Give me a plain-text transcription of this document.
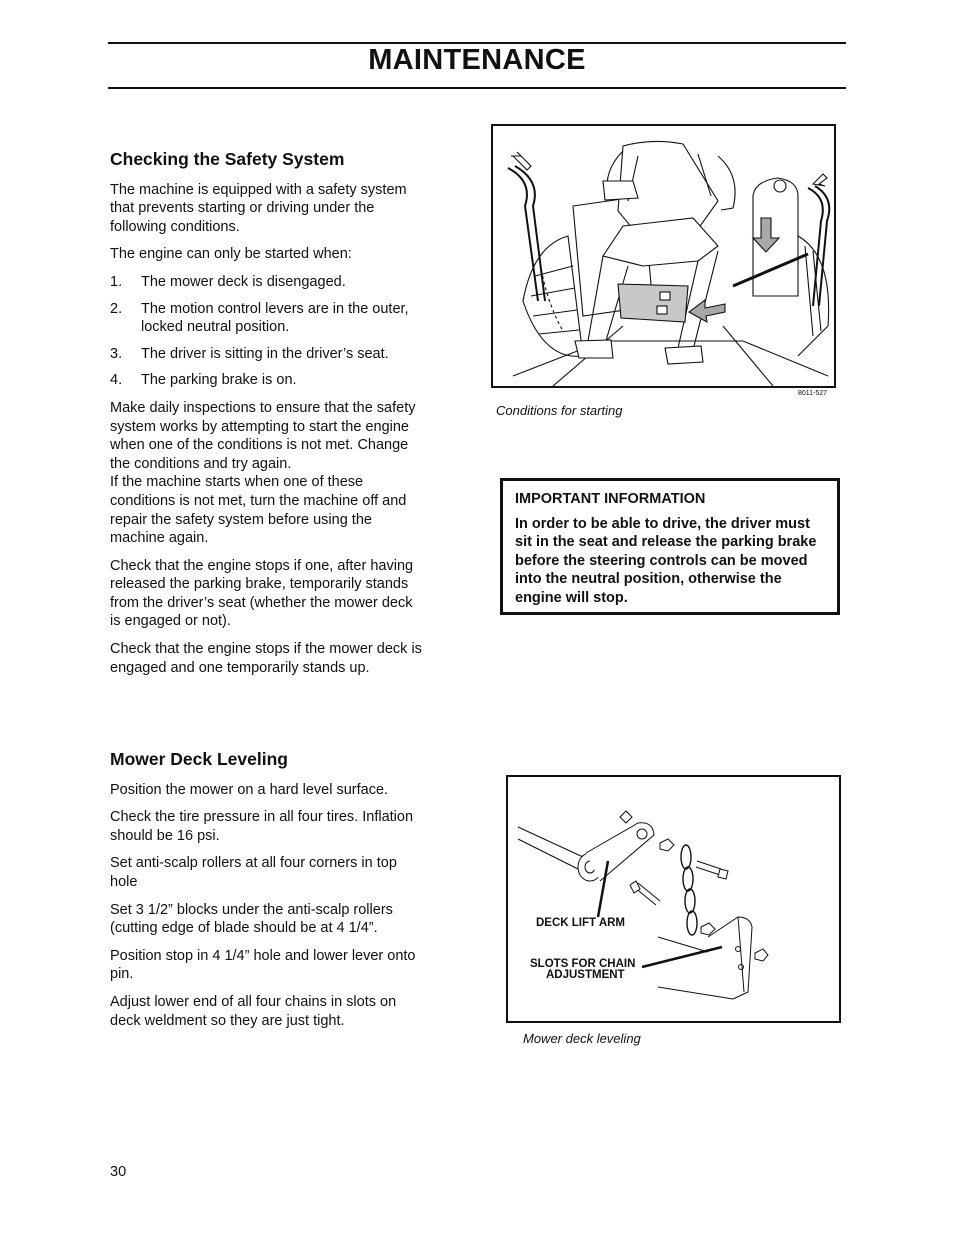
MAINTENANCE
Checking the Safety System

The machine is equipped with a safety system that prevents starting or driving under the following conditions.

The engine can only be started when:

1. The mower deck is disengaged.
2. The motion control levers are in the outer, locked neutral position.
3. The driver is sitting in the driver’s seat.
4. The parking brake is on.

Make daily inspections to ensure that the safety system works by attempting to start the engine when one of the conditions is not met. Change the conditions and try again.

If the machine starts when one of these conditions is not met, turn the machine off and repair the safety system before using the machine again.

Check that the engine stops if one, after having released the parking brake, temporarily stands from the driver’s seat (whether the mower deck is engaged or not).

Check that the engine stops if the mower deck is engaged and one temporarily stands up.

Mower Deck Leveling

Position the mower on a hard level surface.

Check the tire pressure in all four tires. Inflation should be 16 psi.

Set anti-scalp rollers at all four corners in top hole

Set 3 1/2” blocks under the anti-scalp rollers (cutting edge of blade should be at 4 1/4”.

Position stop in 4 1/4” hole and lower lever onto pin.

Adjust lower end of all four chains in slots on deck weldment so they are just tight.

8011-527
Conditions for starting
IMPORTANT INFORMATION
In order to be able to drive, the driver must sit in the seat and release the parking brake before the steering controls can be moved into the neutral position, otherwise the engine will stop.
DECK LIFT ARM
SLOTS FOR CHAIN
ADJUSTMENT
Mower deck leveling
30
